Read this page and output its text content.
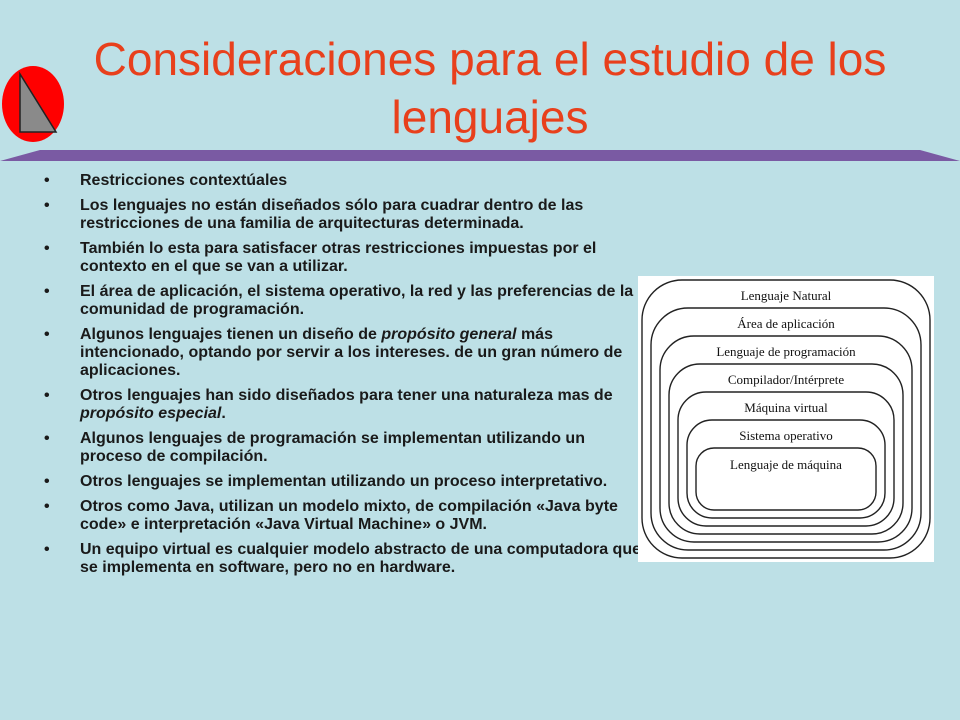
Consideraciones para el estudio de los lenguajes
• Restricciones contextúales
• Los lenguajes no están diseñados sólo para cuadrar dentro de las restricciones de una familia de arquitecturas determinada.
• También lo esta para satisfacer otras restricciones impuestas por el contexto en el que se van a utilizar.
• El área de aplicación, el sistema operativo, la red y las preferencias de la comunidad de programación.
• Algunos lenguajes tienen un diseño de propósito general más intencionado, optando por servir a los intereses. de un gran número de aplicaciones.
• Otros lenguajes han sido diseñados para tener una naturaleza mas de propósito especial.
• Algunos lenguajes de programación se implementan utilizando un proceso de compilación.
• Otros lenguajes se implementan utilizando un proceso interpretativo.
• Otros como Java, utilizan un modelo mixto, de compilación «Java byte code» e interpretación «Java Virtual Machine» o JVM.
• Un equipo virtual es cualquier modelo abstracto de una computadora que se implementa en software, pero no en hardware.
Lenguaje Natural
Área de aplicación
Lenguaje de programación
Compilador/Intérprete
Máquina virtual
Sistema operativo
Lenguaje de máquina
